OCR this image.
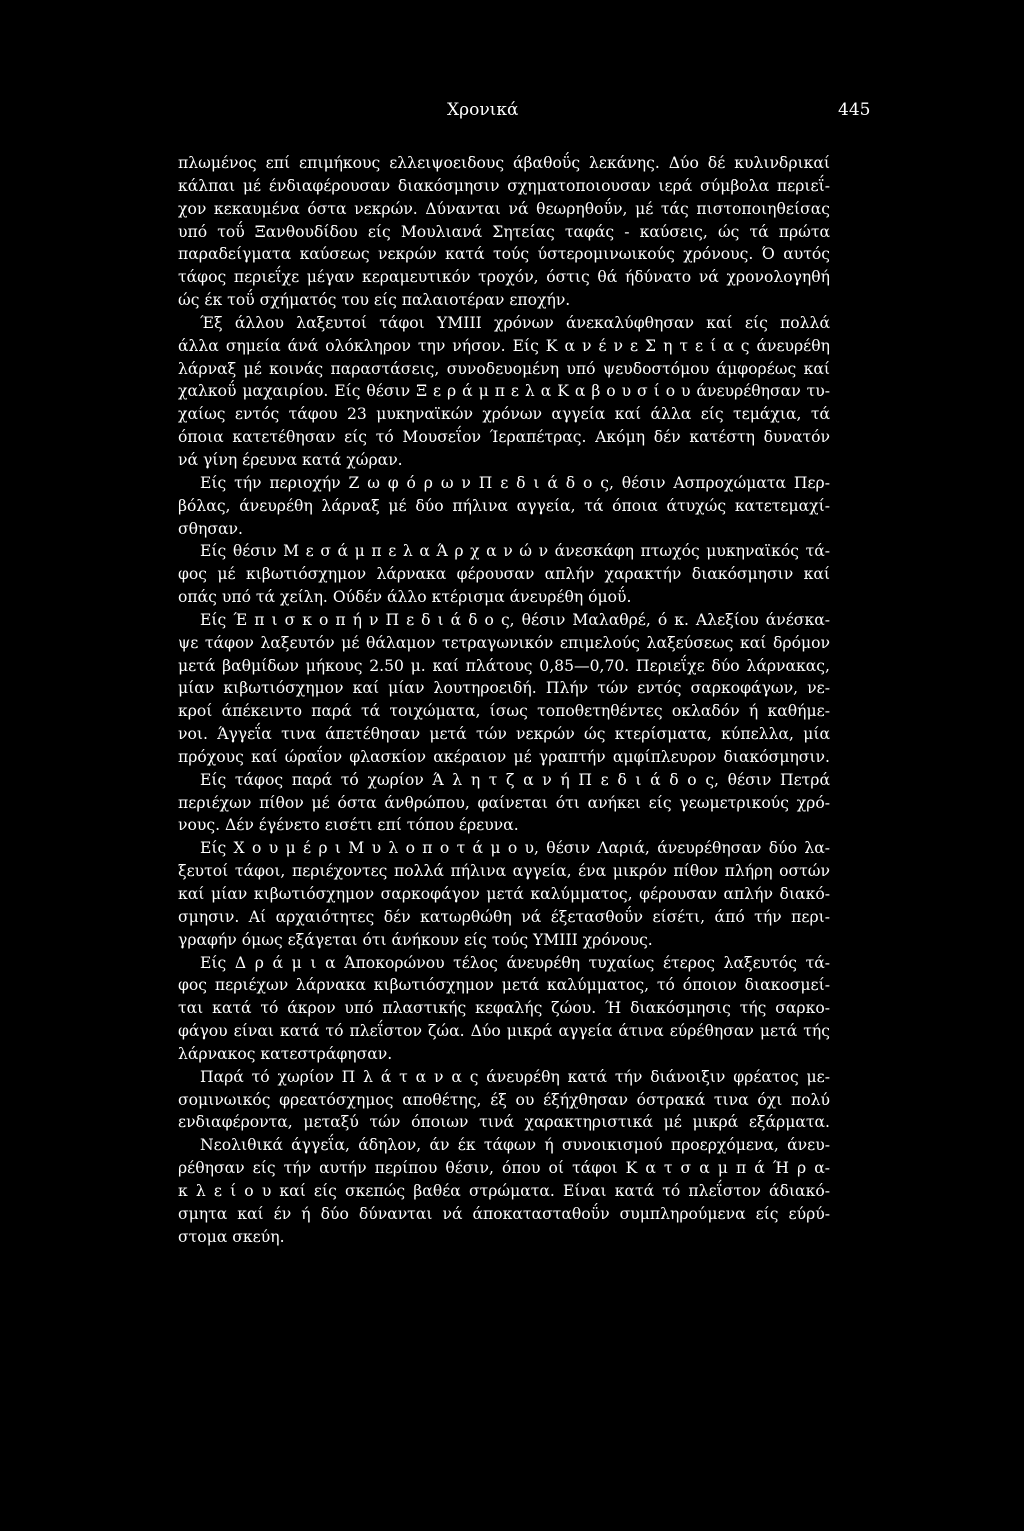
Χρονικά	445
πλωμένος επί επιμήκους ελλειψοειδους άβαθοΰς λεκάνης. Δύο δέ κυλινδρικαί
κάλπαι μέ ένδιαφέρουσαν διακόσμησιν σχηματοποιουσαν ιερά σύμβολα περιεΐ-
χον κεκαυμένα όστα νεκρών. Δύνανται νά θεωρηθοΰν, μέ τάς πιστοποιηθείσας
υπό τοΰ Ξανθουδίδου είς Μουλιανά Σητείας ταφάς - καύσεις, ώς τά πρώτα
παραδείγματα καύσεως νεκρών κατά τούς ύστερομινωικούς χρόνους. Ό αυτός
τάφος περιεΐχε μέγαν κεραμευτικόν τροχόν, όστις θά ήδύνατο νά χρονολογηθή
ώς έκ τοΰ σχήματός του είς παλαιοτέραν εποχήν.
Έξ άλλου λαξευτοί τάφοι ΥΜΙΙΙ χρόνων άνεκαλύφθησαν καί είς πολλά
άλλα σημεία άνά ολόκληρον την νήσον. Είς Κ α ν έ ν ε Σ η τ ε ί α ς άνευρέθη
λάρναξ μέ κοινάς παραστάσεις, συνοδευομένη υπό ψευδοστόμου άμφορέως καί
χαλκοΰ μαχαιρίου. Είς θέσιν Ξ ε ρ ά μ π ε λ α Κ α β ο υ σ ί ο υ άνευρέθησαν τυ-
χαίως εντός τάφου 23 μυκηναϊκών χρόνων αγγεία καί άλλα είς τεμάχια, τά
όποια κατετέθησαν είς τό Μουσεΐον Ίεραπέτρας. Ακόμη δέν κατέστη δυνατόν
νά γίνη έρευνα κατά χώραν.
Είς τήν περιοχήν Ζ ω φ ό ρ ω ν Π ε δ ι ά δ ο ς, θέσιν Ασπροχώματα Περ-
βόλας, άνευρέθη λάρναξ μέ δύο πήλινα αγγεία, τά όποια άτυχώς κατετεμαχί-
σθησαν.
Είς θέσιν Μ ε σ ά μ π ε λ α Ά ρ χ α ν ώ ν άνεσκάφη πτωχός μυκηναϊκός τά-
φος μέ κιβωτιόσχημον λάρνακα φέρουσαν απλήν χαρακτήν διακόσμησιν καί
οπάς υπό τά χείλη. Ούδέν άλλο κτέρισμα άνευρέθη όμοΰ.
Είς Έ π ι σ κ ο π ή ν Π ε δ ι ά δ ο ς, θέσιν Μαλαθρέ, ό κ. Αλεξίου άνέσκα-
ψε τάφον λαξευτόν μέ θάλαμον τετραγωνικόν επιμελούς λαξεύσεως καί δρόμον
μετά βαθμίδων μήκους 2.50 μ. καί πλάτους 0,85—0,70. Περιεΐχε δύο λάρνακας,
μίαν κιβωτιόσχημον καί μίαν λουτηροειδή. Πλήν τών εντός σαρκοφάγων, νε-
κροί άπέκειντο παρά τά τοιχώματα, ίσως τοποθετηθέντες οκλαδόν ή καθήμε-
νοι. Άγγεΐα τινα άπετέθησαν μετά τών νεκρών ώς κτερίσματα, κύπελλα, μία
πρόχους καί ώραΐον φλασκίον ακέραιον μέ γραπτήν αμφίπλευρον διακόσμησιν.
Είς τάφος παρά τό χωρίον Ά λ η τ ζ α ν ή Π ε δ ι ά δ ο ς, θέσιν Πετρά
περιέχων πίθον μέ όστα άνθρώπου, φαίνεται ότι ανήκει είς γεωμετρικούς χρό-
νους. Δέν έγένετο εισέτι επί τόπου έρευνα.
Είς Χ ο υ μ έ ρ ι Μ υ λ ο π ο τ ά μ ο υ, θέσιν Λαριά, άνευρέθησαν δύο λα-
ξευτοί τάφοι, περιέχοντες πολλά πήλινα αγγεία, ένα μικρόν πίθον πλήρη οστών
καί μίαν κιβωτιόσχημον σαρκοφάγον μετά καλύμματος, φέρουσαν απλήν διακό-
σμησιν. Αί αρχαιότητες δέν κατωρθώθη νά έξετασθοΰν είσέτι, άπό τήν περι-
γραφήν όμως εξάγεται ότι άνήκουν είς τούς ΥΜΙΙΙ χρόνους.
Είς Δ ρ ά μ ι α Άποκορώνου τέλος άνευρέθη τυχαίως έτερος λαξευτός τά-
φος περιέχων λάρνακα κιβωτιόσχημον μετά καλύμματος, τό όποιον διακοσμεί-
ται κατά τό άκρον υπό πλαστικής κεφαλής ζώου. Ή διακόσμησις τής σαρκο-
φάγου είναι κατά τό πλεΐστον ζώα. Δύο μικρά αγγεία άτινα εύρέθησαν μετά τής
λάρνακος κατεστράφησαν.
Παρά τό χωρίον Π λ ά τ α ν α ς άνευρέθη κατά τήν διάνοιξιν φρέατος με-
σομινωικός φρεατόσχημος αποθέτης, έξ ου έξήχθησαν όστρακά τινα όχι πολύ
ενδιαφέροντα, μεταξύ τών όποιων τινά χαρακτηριστικά μέ μικρά εξάρματα.
Νεολιθικά άγγεΐα, άδηλον, άν έκ τάφων ή συνοικισμού προερχόμενα, άνευ-
ρέθησαν είς τήν αυτήν περίπου θέσιν, όπου οί τάφοι Κ α τ σ α μ π ά Ή ρ α-
κ λ ε ί ο υ καί είς σκεπώς βαθέα στρώματα. Είναι κατά τό πλεΐστον άδιακό-
σμητα καί έν ή δύο δύνανται νά άποκατασταθοΰν συμπληρούμενα είς εύρύ-
στομα σκεύη.
